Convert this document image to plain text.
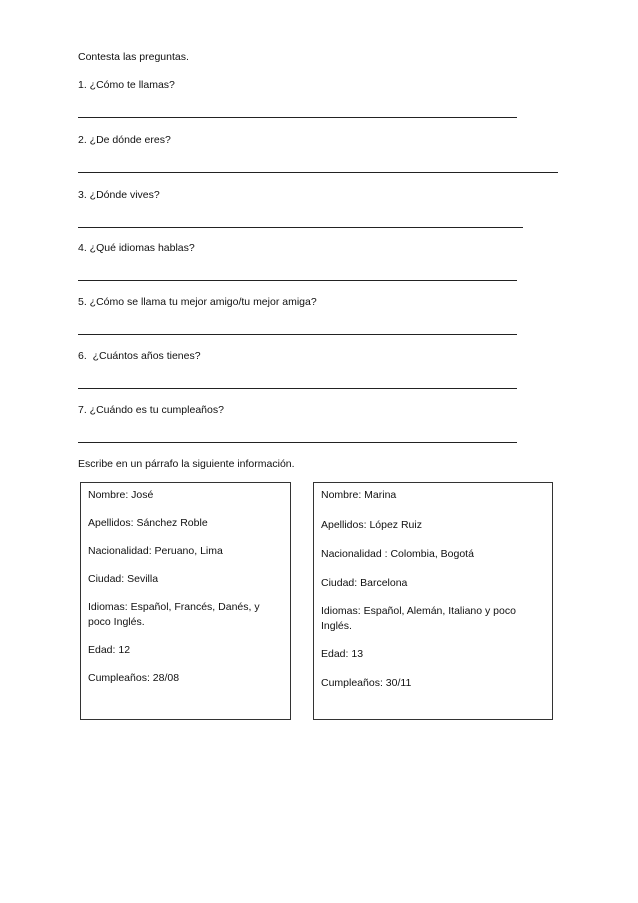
Contesta las preguntas.
1. ¿Cómo te llamas?
2. ¿De dónde eres?
3. ¿Dónde vives?
4. ¿Qué idiomas hablas?
5. ¿Cómo se llama tu mejor amigo/tu mejor amiga?
6.  ¿Cuántos años tienes?
7. ¿Cuándo es tu cumpleaños?
Escribe en un párrafo la siguiente información.
Nombre: José
Apellidos: Sánchez Roble
Nacionalidad: Peruano, Lima
Ciudad: Sevilla
Idiomas: Español, Francés, Danés, y poco Inglés.
Edad: 12
Cumpleaños: 28/08
Nombre: Marina
Apellidos: López Ruiz
Nacionalidad : Colombia, Bogotá
Ciudad: Barcelona
Idiomas: Español, Alemán, Italiano y poco Inglés.
Edad: 13
Cumpleaños: 30/11
